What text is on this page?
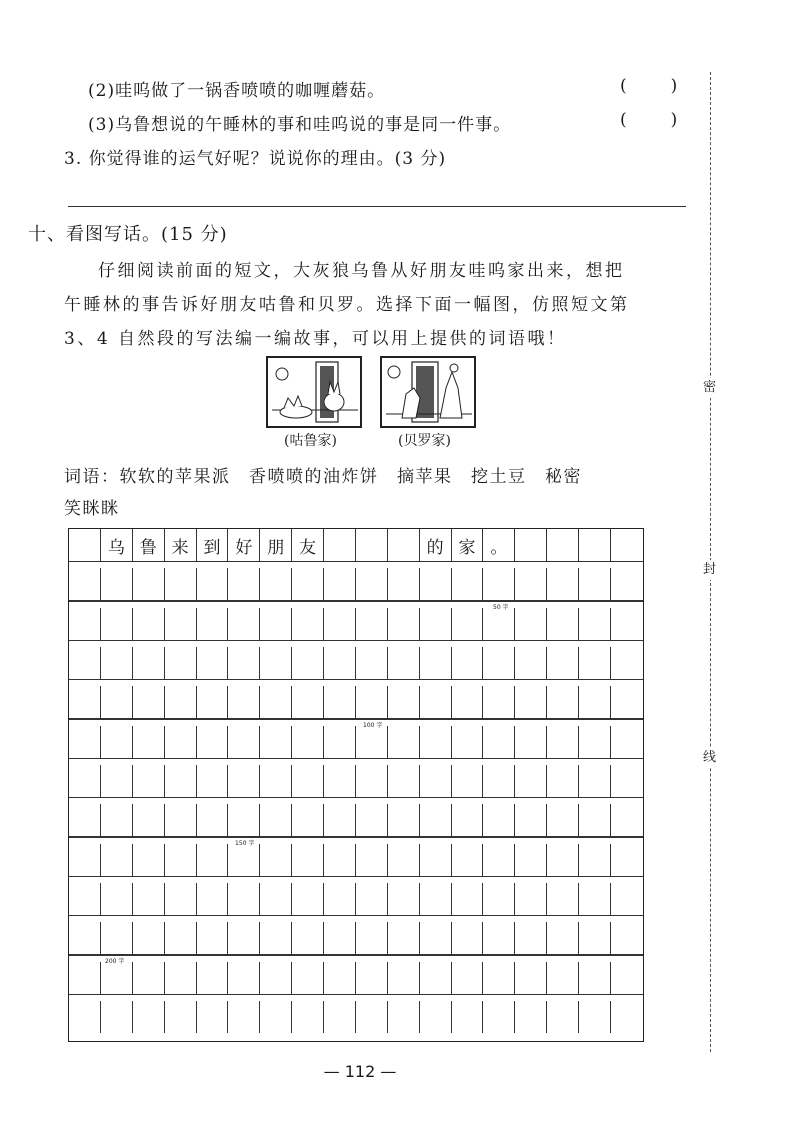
(2)哇呜做了一锅香喷喷的咖喱蘑菇。	(	)
(3)乌鲁想说的午睡林的事和哇呜说的事是同一件事。	(	)
3. 你觉得谁的运气好呢？说说你的理由。(3 分)
十、看图写话。(15 分)
仔细阅读前面的短文，大灰狼乌鲁从好朋友哇呜家出来，想把
午睡林的事告诉好朋友咕鲁和贝罗。选择下面一幅图，仿照短文第
3、4 自然段的写法编一编故事，可以用上提供的词语哦！
(咕鲁家)	(贝罗家)
词语：软软的苹果派　香喷喷的油炸饼　摘苹果　挖土豆　秘密
笑眯眯
乌 鲁 来 到 好 朋 友	的 家 。
50 字
100 字
150 字
200 字
密
封
线
— 112 —
